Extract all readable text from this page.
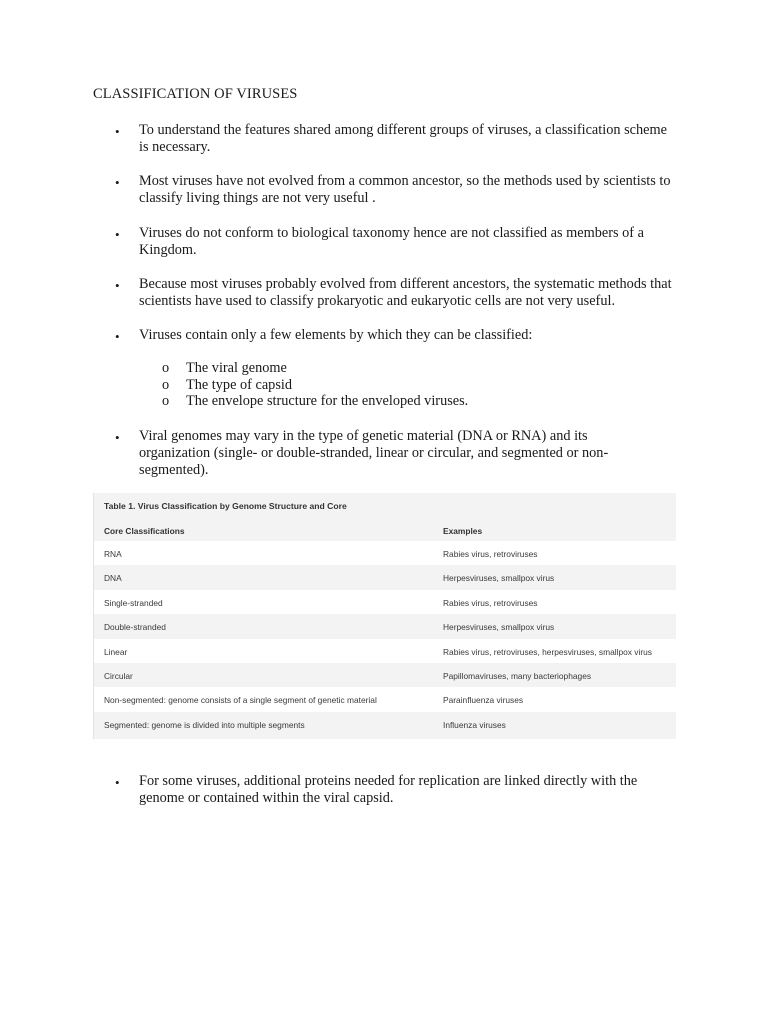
CLASSIFICATION OF VIRUSES
• To understand the features shared among different groups of viruses, a classification scheme is necessary.
• Most viruses have not evolved from a common ancestor, so the methods used by scientists to classify living things are not very useful .
• Viruses do not conform to biological taxonomy hence are not classified as members of a Kingdom.
• Because most viruses probably evolved from different ancestors, the systematic methods that scientists have used to classify prokaryotic and eukaryotic cells are not very useful.
• Viruses contain only a few elements by which they can be classified:
o The viral genome
o The type of capsid
o The envelope structure for the enveloped viruses.
• Viral genomes may vary in the type of genetic material (DNA or RNA) and its organization (single- or double-stranded, linear or circular, and segmented or non-segmented).
Table 1. Virus Classification by Genome Structure and Core
Core Classifications	Examples
RNA	Rabies virus, retroviruses
DNA	Herpesviruses, smallpox virus
Single-stranded	Rabies virus, retroviruses
Double-stranded	Herpesviruses, smallpox virus
Linear	Rabies virus, retroviruses, herpesviruses, smallpox virus
Circular	Papillomaviruses, many bacteriophages
Non-segmented: genome consists of a single segment of genetic material	Parainfluenza viruses
Segmented: genome is divided into multiple segments	Influenza viruses
• For some viruses, additional proteins needed for replication are linked directly with the genome or contained within the viral capsid.
